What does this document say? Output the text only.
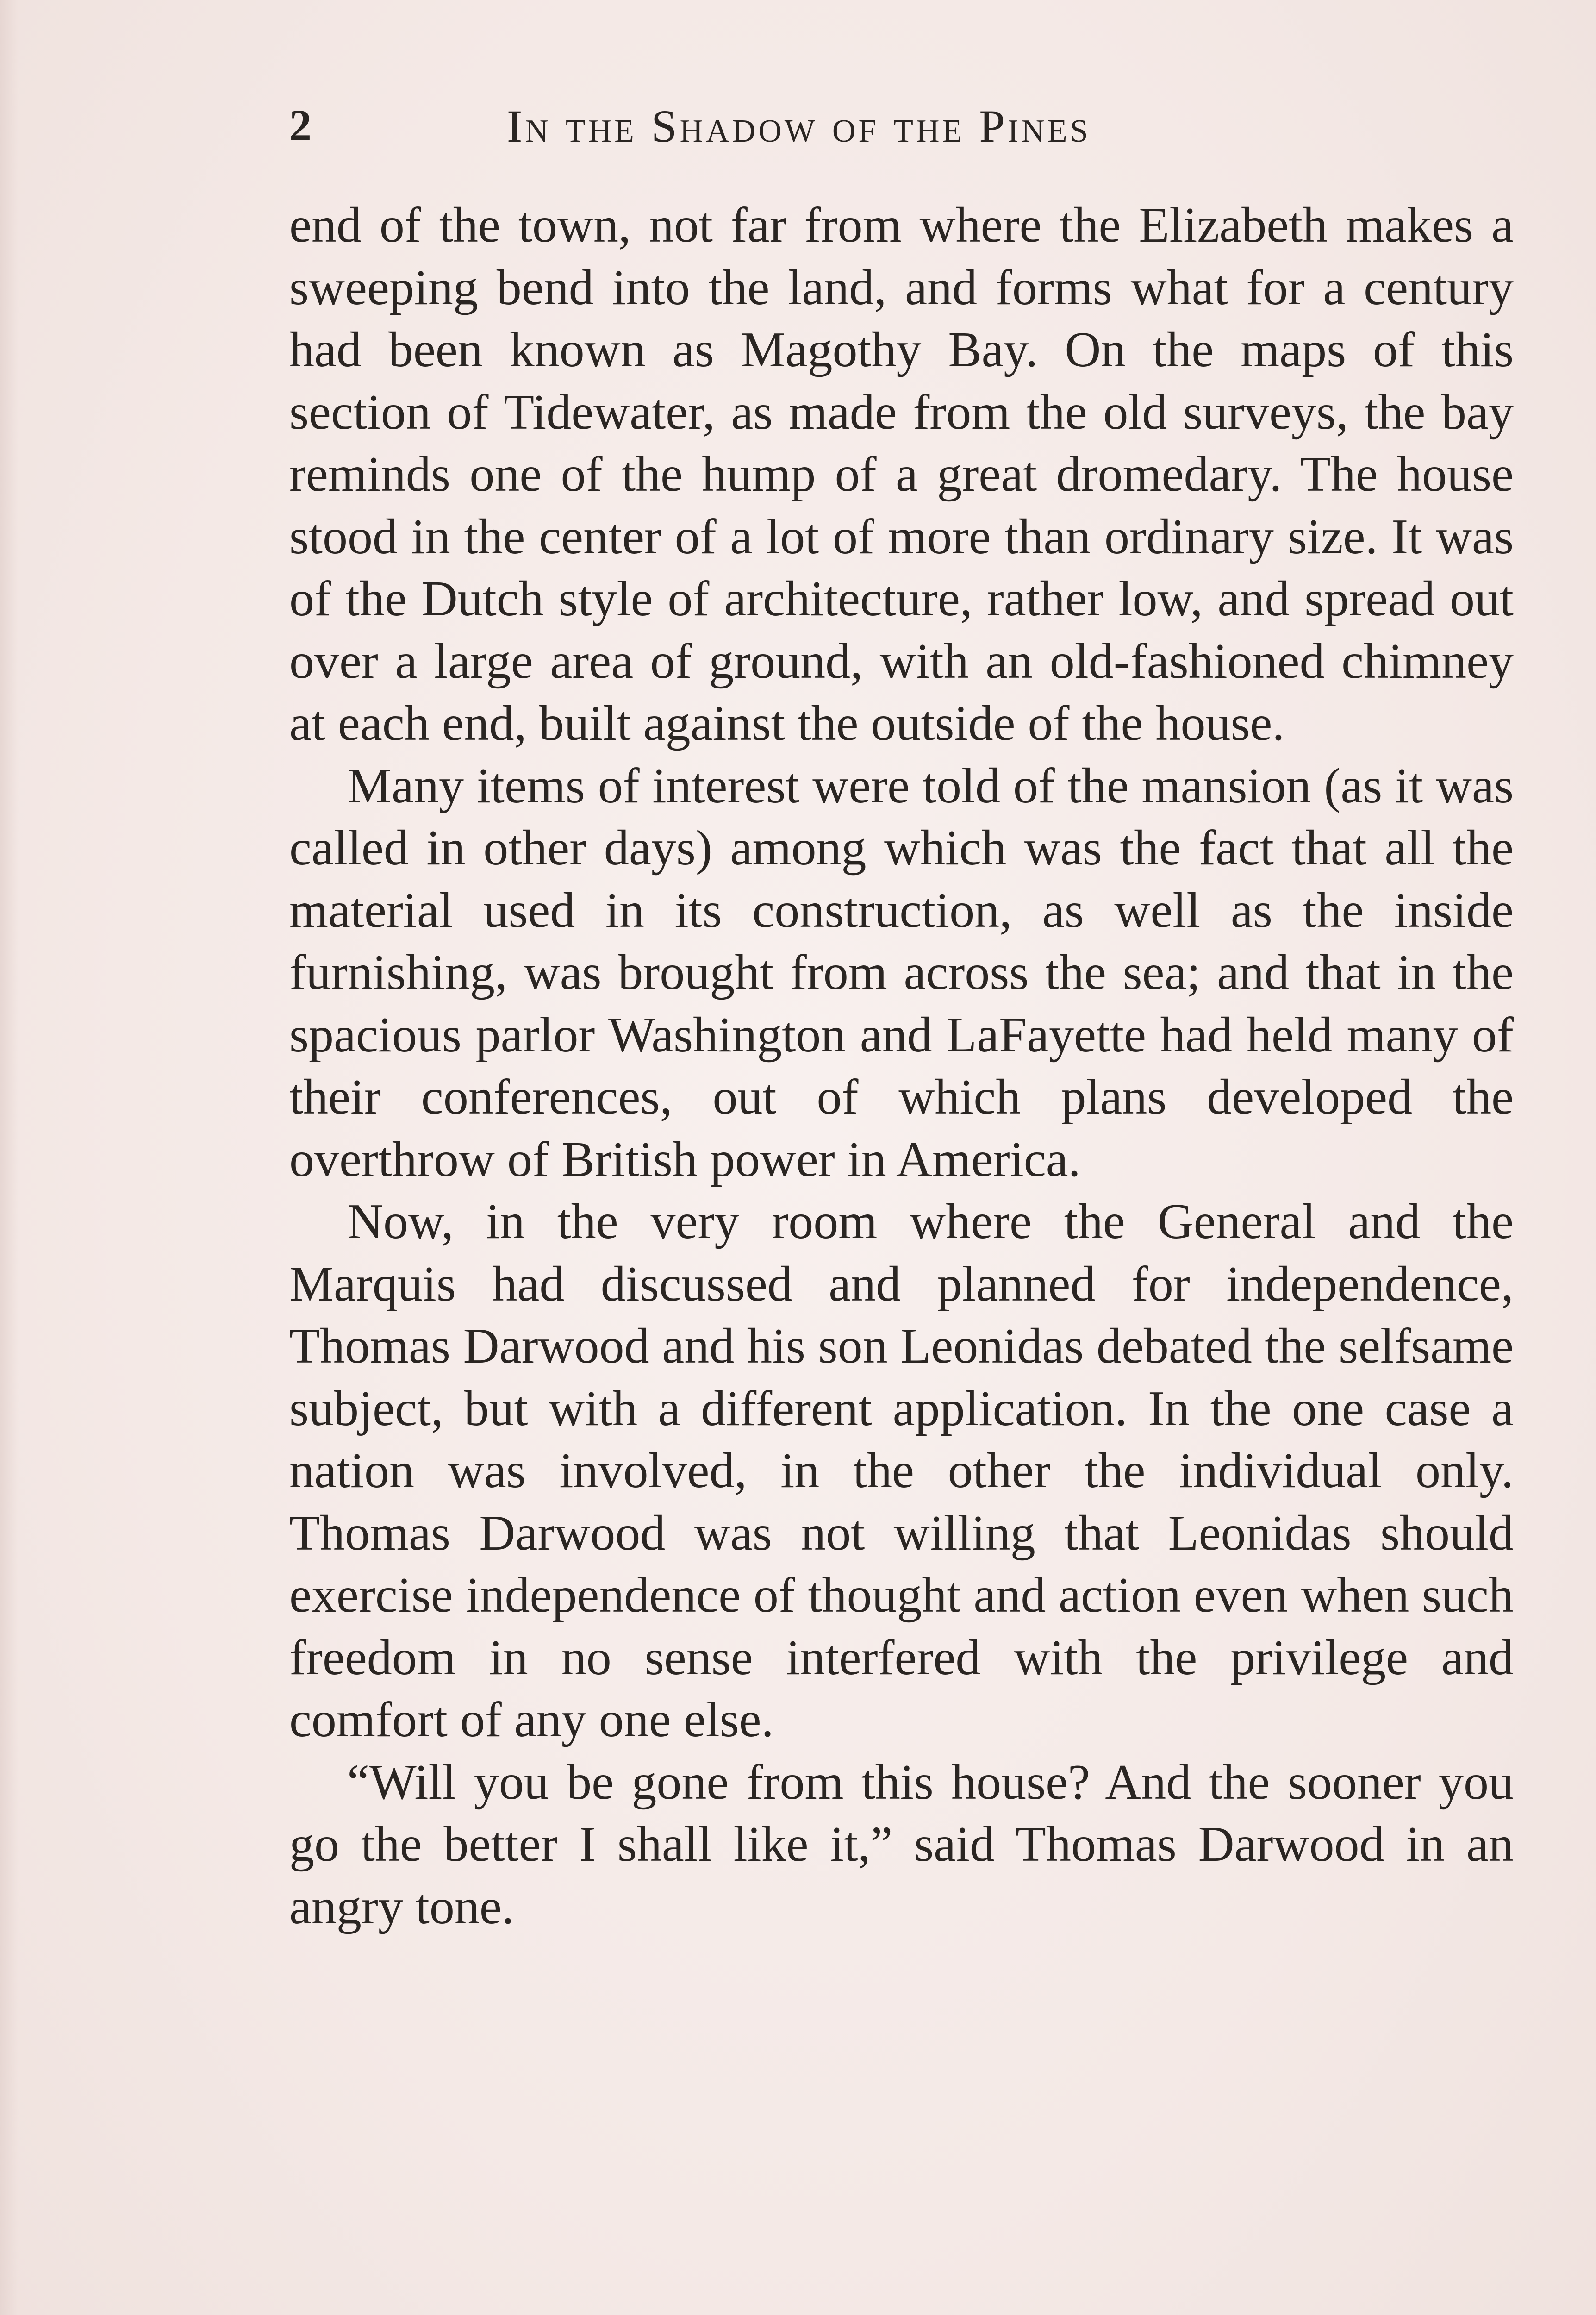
2	In the Shadow of the Pines

end of the town, not far from where the Elizabeth makes a sweeping bend into the land, and forms what for a century had been known as Magothy Bay. On the maps of this section of Tidewater, as made from the old surveys, the bay reminds one of the hump of a great dromedary. The house stood in the center of a lot of more than ordinary size. It was of the Dutch style of architecture, rather low, and spread out over a large area of ground, with an old-fashioned chimney at each end, built against the outside of the house.

Many items of interest were told of the mansion (as it was called in other days) among which was the fact that all the material used in its construction, as well as the inside furnishing, was brought from across the sea; and that in the spacious parlor Washington and LaFayette had held many of their conferences, out of which plans developed the overthrow of British power in America.

Now, in the very room where the General and the Marquis had discussed and planned for independence, Thomas Darwood and his son Leonidas debated the selfsame subject, but with a different application. In the one case a nation was involved, in the other the individual only. Thomas Darwood was not willing that Leonidas should exercise independence of thought and action even when such freedom in no sense interfered with the privilege and comfort of any one else.

“Will you be gone from this house? And the sooner you go the better I shall like it,” said Thomas Darwood in an angry tone.
